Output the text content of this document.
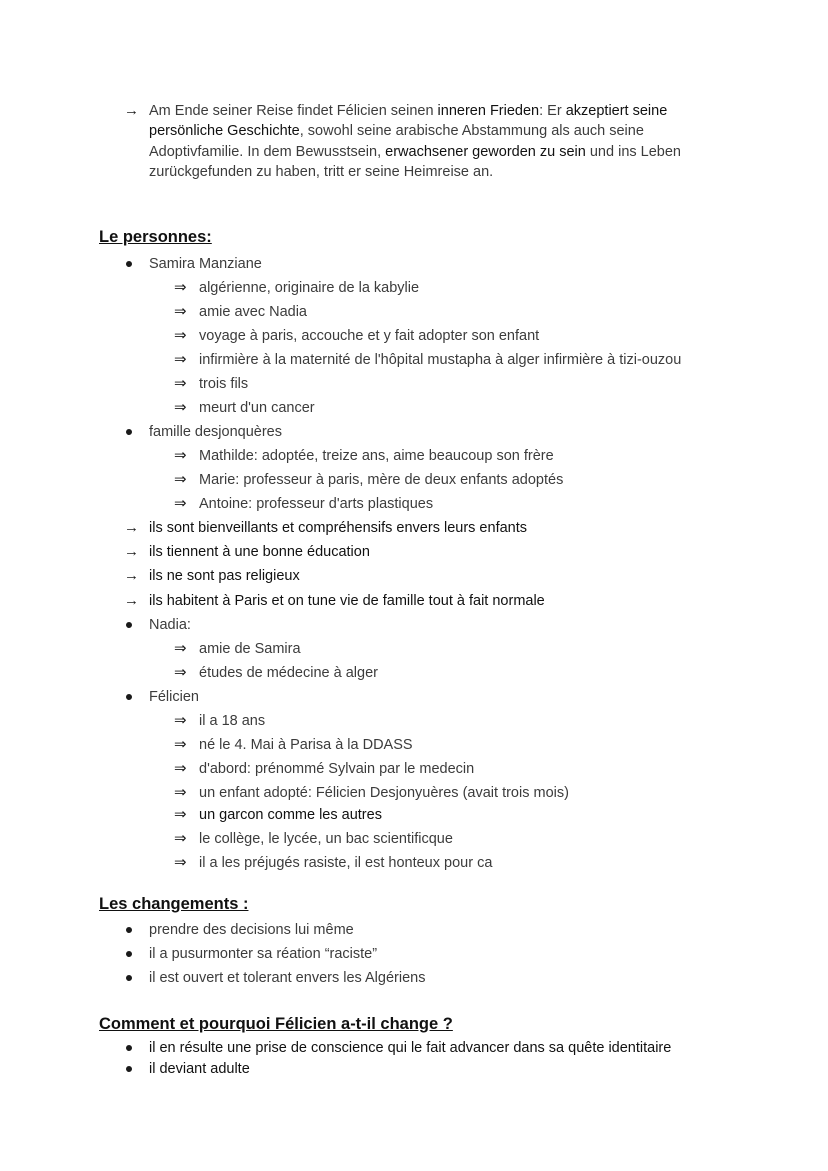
→ Am Ende seiner Reise findet Félicien seinen inneren Frieden: Er akzeptiert seine
persönliche Geschichte, sowohl seine arabische Abstammung als auch seine
Adoptivfamilie. In dem Bewusstsein, erwachsener geworden zu sein und ins Leben
zurückgefunden zu haben, tritt er seine Heimreise an.
Le personnes:
Samira Manziane
⇒ algérienne, originaire de la kabylie
⇒ amie avec Nadia
⇒ voyage à paris, accouche et y fait adopter son enfant
⇒ infirmière à la maternité de l'hôpital mustapha à alger infirmière à tizi-ouzou
⇒ trois fils
⇒ meurt d'un cancer
famille desjonquères
⇒ Mathilde: adoptée, treize ans, aime beaucoup son frère
⇒ Marie: professeur à paris, mère de deux enfants adoptés
⇒ Antoine: professeur d'arts plastiques
→ ils sont bienveillants et compréhensifs envers leurs enfants
→ ils tiennent à une bonne éducation
→ ils ne sont pas religieux
→ ils habitent à Paris et on tune vie de famille tout à fait normale
Nadia:
⇒ amie de Samira
⇒ études de médecine à alger
Félicien
⇒ il a 18 ans
⇒ né le 4. Mai à Parisa à la DDASS
⇒ d'abord: prénommé Sylvain par le medecin
⇒ un enfant adopté: Félicien Desjonyuères (avait trois mois)
⇒ un garcon comme les autres
⇒ le collège, le lycée, un bac scientificque
⇒ il a les préjugés rasiste, il est honteux pour ca
Les changements :
prendre des decisions lui même
il a pusurmonter sa réation “raciste”
il est ouvert et tolerant envers les Algériens
Comment et pourquoi Félicien a-t-il change ?
il en résulte une prise de conscience qui le fait advancer dans sa quête identitaire
il deviant adulte
